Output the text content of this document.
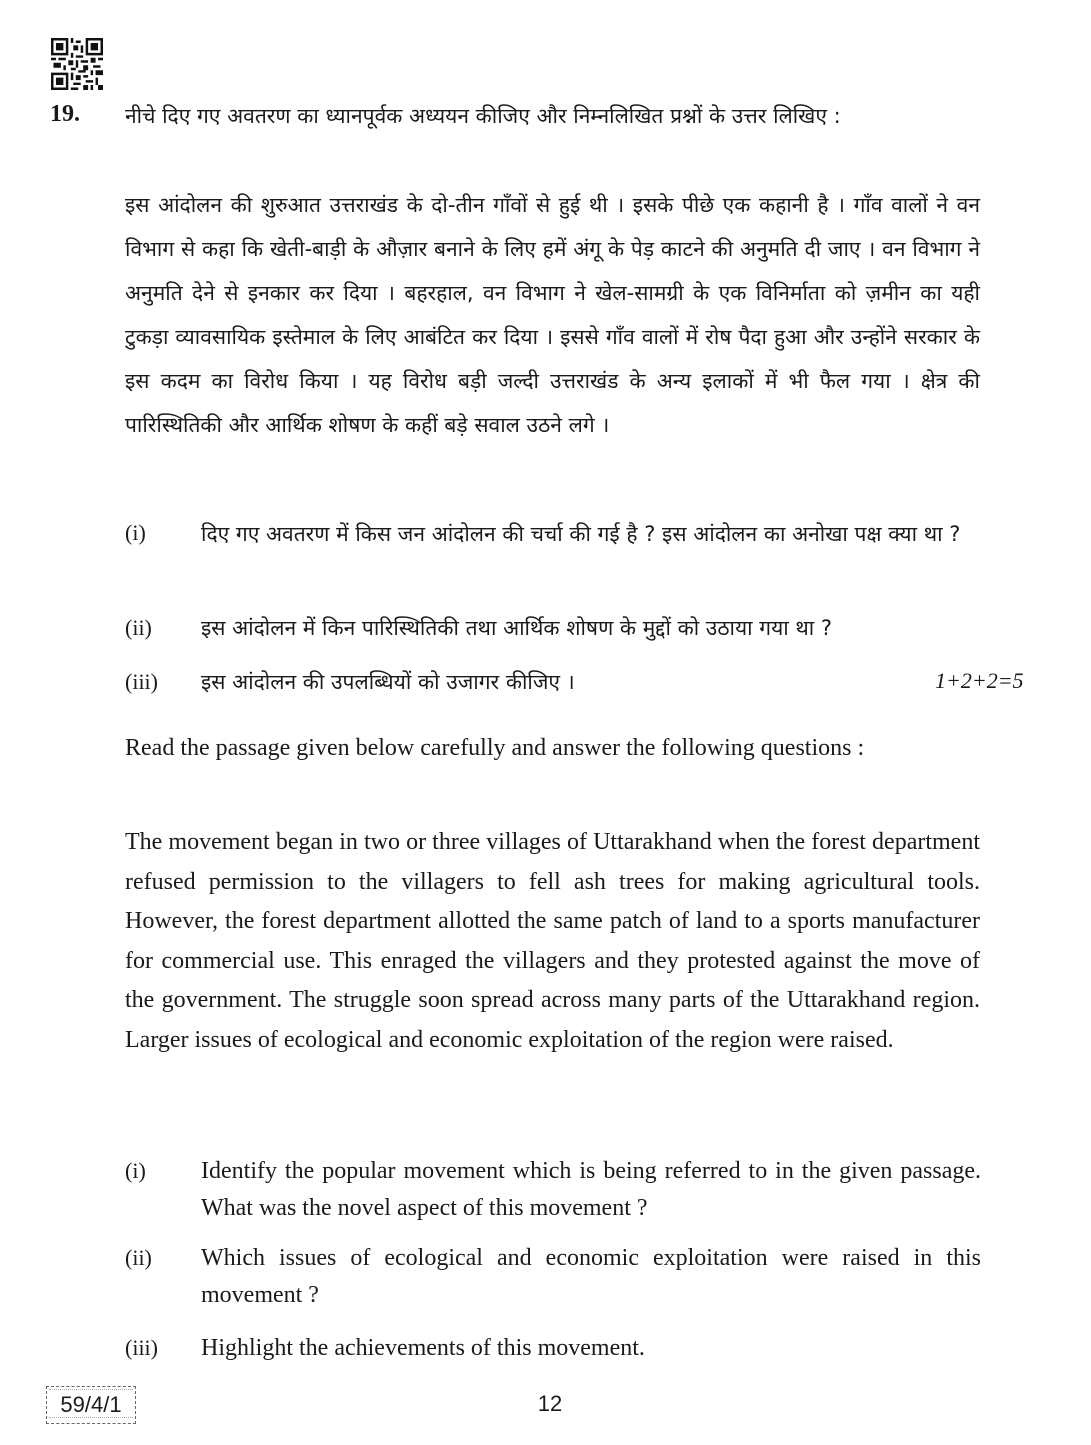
19. नीचे दिए गए अवतरण का ध्यानपूर्वक अध्ययन कीजिए और निम्नलिखित प्रश्नों के उत्तर लिखिए :

इस आंदोलन की शुरुआत उत्तराखंड के दो-तीन गाँवों से हुई थी । इसके पीछे एक कहानी है । गाँव वालों ने वन विभाग से कहा कि खेती-बाड़ी के औज़ार बनाने के लिए हमें अंगू के पेड़ काटने की अनुमति दी जाए । वन विभाग ने अनुमति देने से इनकार कर दिया । बहरहाल, वन विभाग ने खेल-सामग्री के एक विनिर्माता को ज़मीन का यही टुकड़ा व्यावसायिक इस्तेमाल के लिए आबंटित कर दिया । इससे गाँव वालों में रोष पैदा हुआ और उन्होंने सरकार के इस कदम का विरोध किया । यह विरोध बड़ी जल्दी उत्तराखंड के अन्य इलाकों में भी फैल गया । क्षेत्र की पारिस्थितिकी और आर्थिक शोषण के कहीं बड़े सवाल उठने लगे ।

(i)	दिए गए अवतरण में किस जन आंदोलन की चर्चा की गई है ? इस आंदोलन का अनोखा पक्ष क्या था ?
(ii) इस आंदोलन में किन पारिस्थितिकी तथा आर्थिक शोषण के मुद्दों को उठाया गया था ?
(iii) इस आंदोलन की उपलब्धियों को उजागर कीजिए ।	1+2+2=5

Read the passage given below carefully and answer the following questions :

The movement began in two or three villages of Uttarakhand when the forest department refused permission to the villagers to fell ash trees for making agricultural tools. However, the forest department allotted the same patch of land to a sports manufacturer for commercial use. This enraged the villagers and they protested against the move of the government. The struggle soon spread across many parts of the Uttarakhand region. Larger issues of ecological and economic exploitation of the region were raised.

(i) Identify the popular movement which is being referred to in the given passage. What was the novel aspect of this movement ?
(ii) Which issues of ecological and economic exploitation were raised in this movement ?
(iii) Highlight the achievements of this movement.
59/4/1	12
